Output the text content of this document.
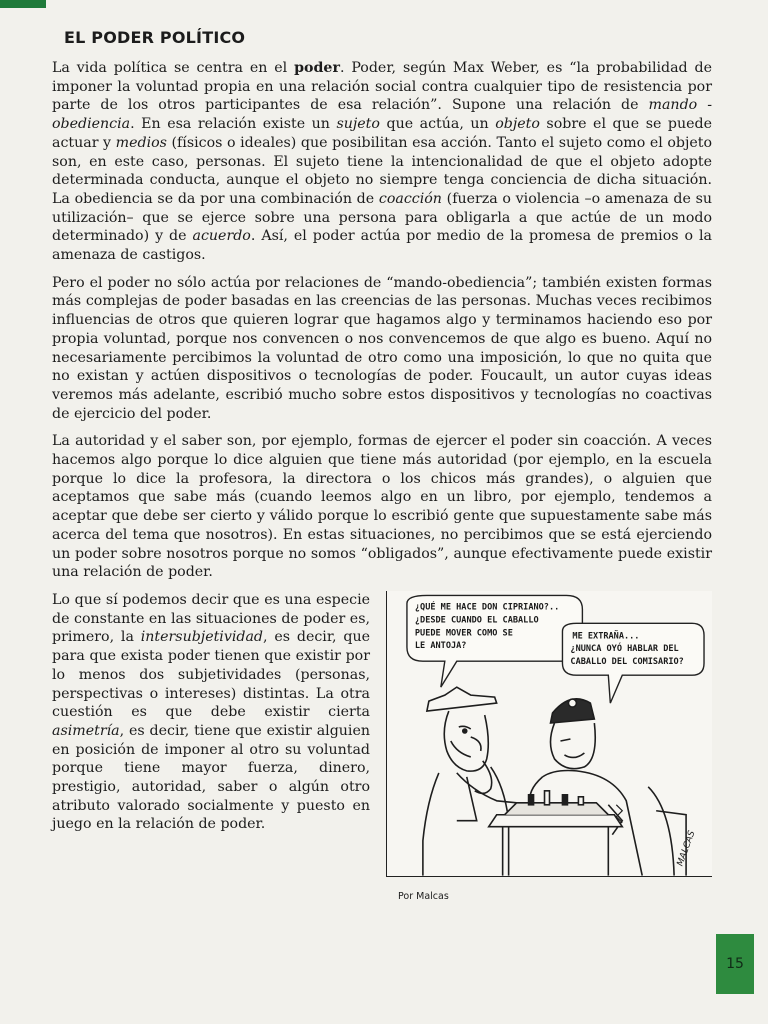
EL PODER POLÍTICO

La vida política se centra en el poder. Poder, según Max Weber, es “la probabilidad de imponer la voluntad propia en una relación social contra cualquier tipo de resistencia por parte de los otros participantes de esa relación”. Supone una relación de mando - obediencia. En esa relación existe un sujeto que actúa, un objeto sobre el que se puede actuar y medios (físicos o ideales) que posibilitan esa acción. Tanto el sujeto como el objeto son, en este caso, personas. El sujeto tiene la intencionalidad de que el objeto adopte determinada conducta, aunque el objeto no siempre tenga conciencia de dicha situación. La obediencia se da por una combinación de coacción (fuerza o violencia –o amenaza de su utilización– que se ejerce sobre una persona para obligarla a que actúe de un modo determinado) y de acuerdo. Así, el poder actúa por medio de la promesa de premios o la amenaza de castigos.

Pero el poder no sólo actúa por relaciones de “mando-obediencia”; también existen formas más complejas de poder basadas en las creencias de las personas. Muchas veces recibimos influencias de otros que quieren lograr que hagamos algo y terminamos haciendo eso por propia voluntad, porque nos convencen o nos convencemos de que algo es bueno. Aquí no necesariamente percibimos la voluntad de otro como una imposición, lo que no quita que no existan y actúen dispositivos o tecnologías de poder. Foucault, un autor cuyas ideas veremos más adelante, escribió mucho sobre estos dispositivos y tecnologías no coactivas de ejercicio del poder.

La autoridad y el saber son, por ejemplo, formas de ejercer el poder sin coacción. A veces hacemos algo porque lo dice alguien que tiene más autoridad (por ejemplo, en la escuela porque lo dice la profesora, la directora o los chicos más grandes), o alguien que aceptamos que sabe más (cuando leemos algo en un libro, por ejemplo, tendemos a aceptar que debe ser cierto y válido porque lo escribió gente que supuestamente sabe más acerca del tema que nosotros). En estas situaciones, no percibimos que se está ejerciendo un poder sobre nosotros porque no somos “obligados”, aunque efectivamente puede existir una relación de poder.

Lo que sí podemos decir que es una especie de constante en las situaciones de poder es, primero, la intersubjetividad, es decir, que para que exista poder tienen que existir por lo menos dos subjetividades (personas, perspectivas o intereses) distintas. La otra cuestión es que debe existir cierta asimetría, es decir, tiene que existir alguien en posición de imponer al otro su voluntad porque tiene mayor fuerza, dinero, prestigio, autoridad, saber o algún otro atributo valorado socialmente y puesto en juego en la relación de poder.

¿QUÉ ME HACE DON CIPRIANO?..
¿DESDE CUANDO EL CABALLO
PUEDE MOVER COMO SE
LE ANTOJA?
ME EXTRAÑA...
¿NUNCA OYÓ HABLAR DEL
CABALLO DEL COMISARIO?
MALCAS
Por Malcas
15
